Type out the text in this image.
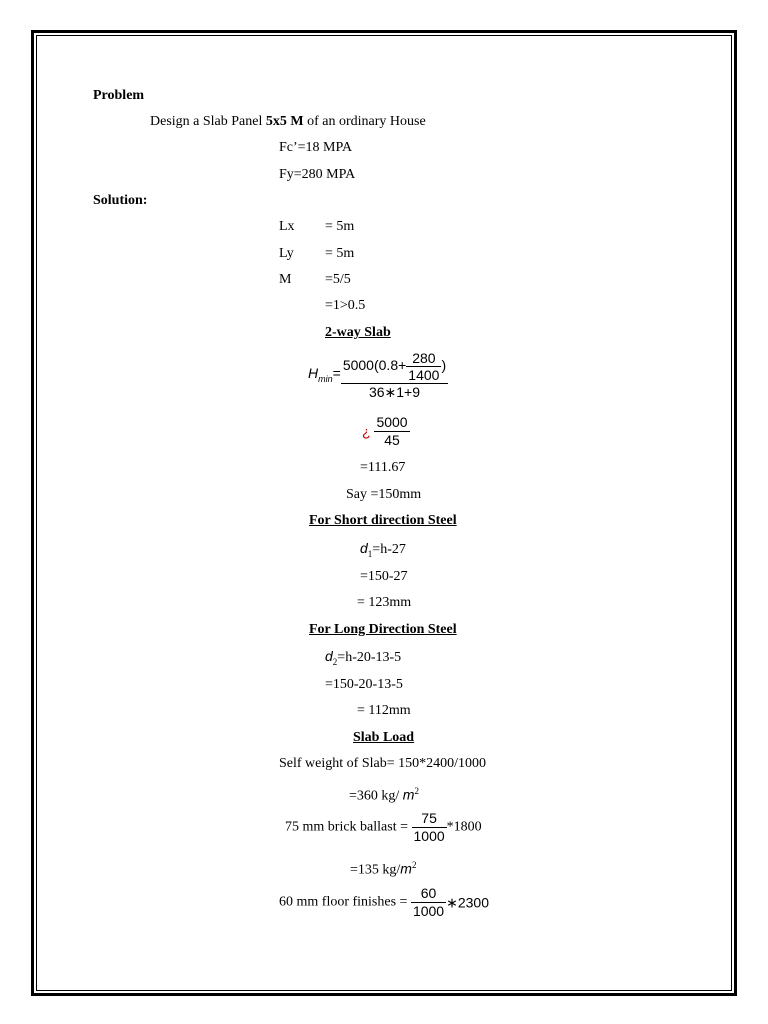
Problem
Design a Slab Panel 5x5 M of an ordinary House
Fc’=18 MPA
Fy=280 MPA
Solution:
Lx = 5m
Ly = 5m
M =5/5
=1>0.5
2-way Slab
$H_{min}= \frac{5000(0.8+ \frac{280}{1400} )}{36∗1+9}$
¿ $\frac{5000}{45}$
=111.67
Say =150mm
For Short direction Steel
$d_1=h-27$
=150-27
= 123mm
For Long Direction Steel
$d_2=h-20-13-5$
=150-20-13-5
= 112mm
Slab Load
Self weight of Slab= 150*2400/1000
=360 kg/ $m^2$
75 mm brick ballast = $\frac{75}{1000} *1800$
=135 $kg/m^2$
60 mm floor finishes = $\frac{60}{1000}$ ∗2300
